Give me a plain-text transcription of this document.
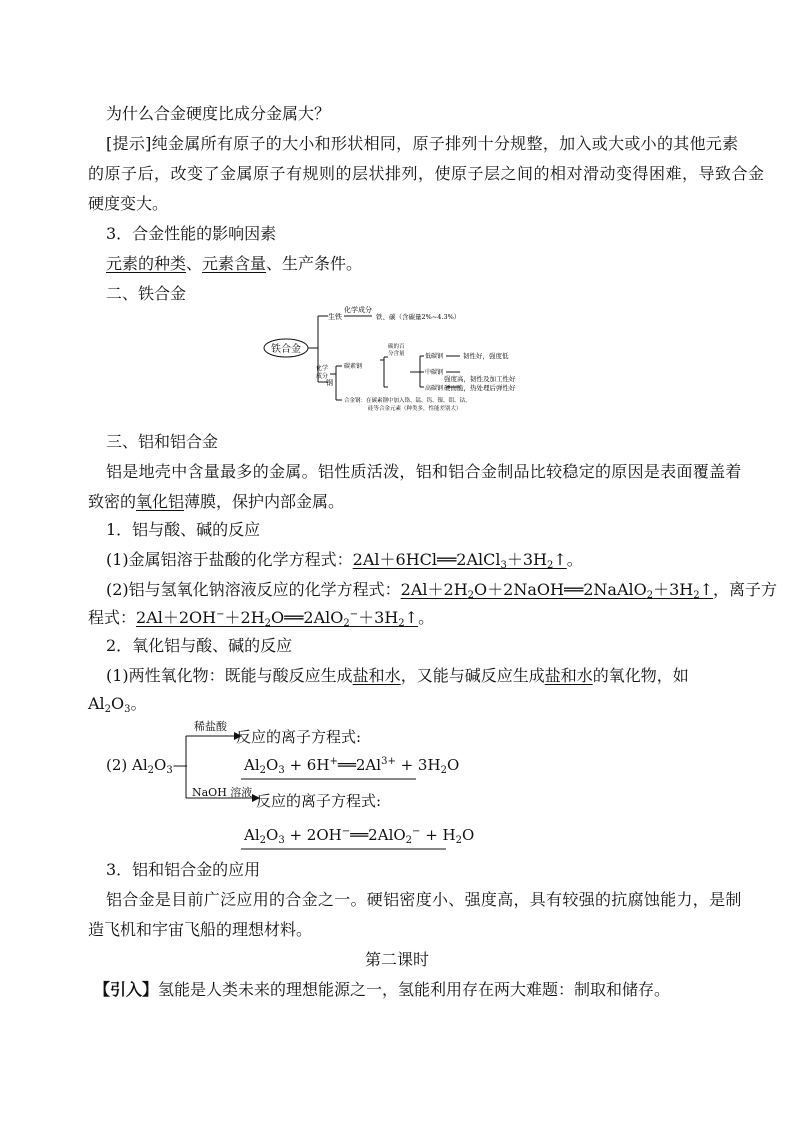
为什么合金硬度比成分金属大？
[提示]纯金属所有原子的大小和形状相同，原子排列十分规整，加入或大或小的其他元素
的原子后，改变了金属原子有规则的层状排列，使原子层之间的相对滑动变得困难，导致合金
硬度变大。
3．合金性能的影响因素
元素的种类、元素含量、生产条件。
二、铁合金
铁合金
生铁
化学成分
铁、碳（含碳量2%~4.3%）
钢
化学
成分
碳素钢
碳的百
分含量	低碳钢	韧性好，强度低
中碳钢
强度高，韧性及加工性好
高碳钢 硬而脆，热处理后弹性好
合金钢：在碳素钢中加入铬、锰、钨、镍、钼、钴、
硅等合金元素（种类多，性能差别大）
三、铝和铝合金
铝是地壳中含量最多的金属。铝性质活泼，铝和铝合金制品比较稳定的原因是表面覆盖着
致密的氧化铝薄膜，保护内部金属。
1．铝与酸、碱的反应
(1)金属铝溶于盐酸的化学方程式：$2Al+6HCl══2AlCl_3+3H_2↑$。
(2)铝与氢氧化钠溶液反应的化学方程式：$2Al+2H_2O+2NaOH══2NaAlO_2+3H_2↑$，离子方
程式：$2Al+2OH^-+2H_2O══2AlO_2^-+3H_2↑$。
2．氧化铝与酸、碱的反应
(1)两性氧化物：既能与酸反应生成盐和水，又能与碱反应生成盐和水的氧化物，如
$Al_2O_3$。
(2) $Al_2O_3—$
稀盐酸
反应的离子方程式:
$Al_2O_3$ + $6H^+══2Al^{3+} + 3H_2O$
NaOH 溶液 反应的离子方程式:
$Al_2O_3$ + 2OH−══2AlO$_2$− + $H_2O$
3．铝和铝合金的应用
铝合金是目前广泛应用的合金之一。硬铝密度小、强度高，具有较强的抗腐蚀能力，是制
造飞机和宇宙飞船的理想材料。
第二课时
【引入】氢能是人类未来的理想能源之一，氢能利用存在两大难题：制取和储存。
